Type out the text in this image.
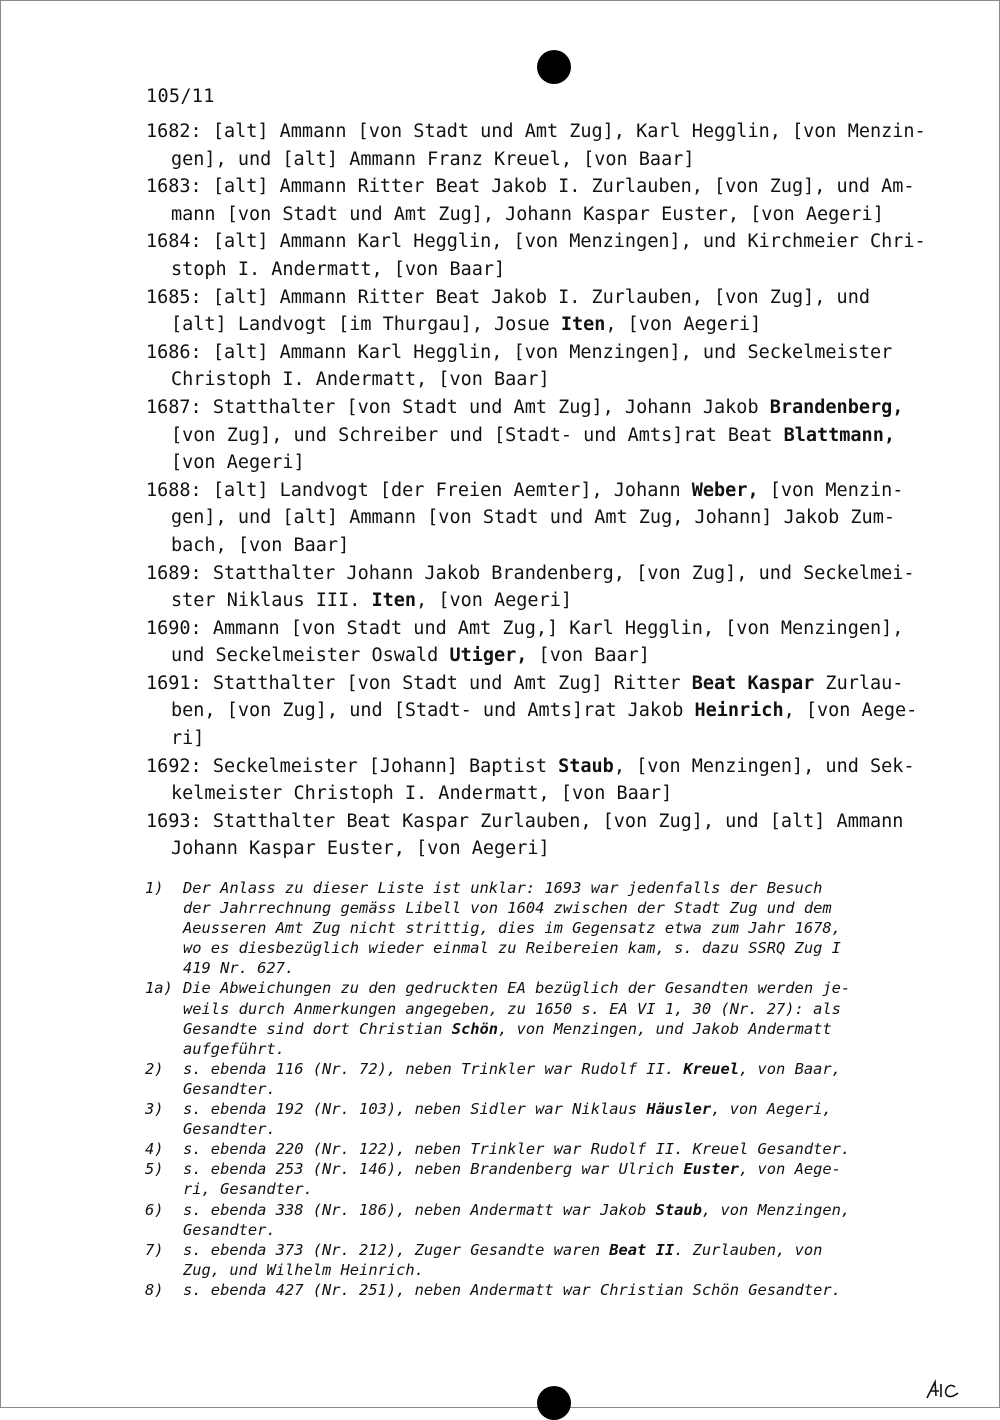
105/11
1682: [alt] Ammann [von Stadt und Amt Zug], Karl Hegglin, [von Menzin-
gen], und [alt] Ammann Franz Kreuel, [von Baar]
1683: [alt] Ammann Ritter Beat Jakob I. Zurlauben, [von Zug], und Am-
mann [von Stadt und Amt Zug], Johann Kaspar Euster, [von Aegeri]
1684: [alt] Ammann Karl Hegglin, [von Menzingen], und Kirchmeier Chri-
stoph I. Andermatt, [von Baar]
1685: [alt] Ammann Ritter Beat Jakob I. Zurlauben, [von Zug], und
[alt] Landvogt [im Thurgau], Josue Iten, [von Aegeri]
1686: [alt] Ammann Karl Hegglin, [von Menzingen], und Seckelmeister
Christoph I. Andermatt, [von Baar]
1687: Statthalter [von Stadt und Amt Zug], Johann Jakob Brandenberg,
[von Zug], und Schreiber und [Stadt- und Amts]rat Beat Blattmann,
[von Aegeri]
1688: [alt] Landvogt [der Freien Aemter], Johann Weber, [von Menzin-
gen], und [alt] Ammann [von Stadt und Amt Zug, Johann] Jakob Zum-
bach, [von Baar]
1689: Statthalter Johann Jakob Brandenberg, [von Zug], und Seckelmei-
ster Niklaus III. Iten, [von Aegeri]
1690: Ammann [von Stadt und Amt Zug,] Karl Hegglin, [von Menzingen],
und Seckelmeister Oswald Utiger, [von Baar]
1691: Statthalter [von Stadt und Amt Zug] Ritter Beat Kaspar Zurlau-
ben, [von Zug], und [Stadt- und Amts]rat Jakob Heinrich, [von Aege-
ri]
1692: Seckelmeister [Johann] Baptist Staub, [von Menzingen], und Sek-
kelmeister Christoph I. Andermatt, [von Baar]
1693: Statthalter Beat Kaspar Zurlauben, [von Zug], und [alt] Ammann
Johann Kaspar Euster, [von Aegeri]
1)	Der Anlass zu dieser Liste ist unklar: 1693 war jedenfalls der Besuch
der Jahrrechnung gemäss Libell von 1604 zwischen der Stadt Zug und dem
Aeusseren Amt Zug nicht strittig, dies im Gegensatz etwa zum Jahr 1678,
wo es diesbezüglich wieder einmal zu Reibereien kam, s. dazu SSRQ Zug I
419 Nr. 627.
1a) Die Abweichungen zu den gedruckten EA bezüglich der Gesandten werden je-
weils durch Anmerkungen angegeben, zu 1650 s. EA VI 1, 30 (Nr. 27): als
Gesandte sind dort Christian Schön, von Menzingen, und Jakob Andermatt
aufgeführt.
2)	s. ebenda 116 (Nr. 72), neben Trinkler war Rudolf II. Kreuel, von Baar,
Gesandter.
3)	s. ebenda 192 (Nr. 103), neben Sidler war Niklaus Häusler, von Aegeri,
Gesandter.
4)	s. ebenda 220 (Nr. 122), neben Trinkler war Rudolf II. Kreuel Gesandter.
5)	s. ebenda 253 (Nr. 146), neben Brandenberg war Ulrich Euster, von Aege-
ri, Gesandter.
6)	s. ebenda 338 (Nr. 186), neben Andermatt war Jakob Staub, von Menzingen,
Gesandter.
7)	s. ebenda 373 (Nr. 212), Zuger Gesandte waren Beat II. Zurlauben, von
Zug, und Wilhelm Heinrich.
8)	s. ebenda 427 (Nr. 251), neben Andermatt war Christian Schön Gesandter.
